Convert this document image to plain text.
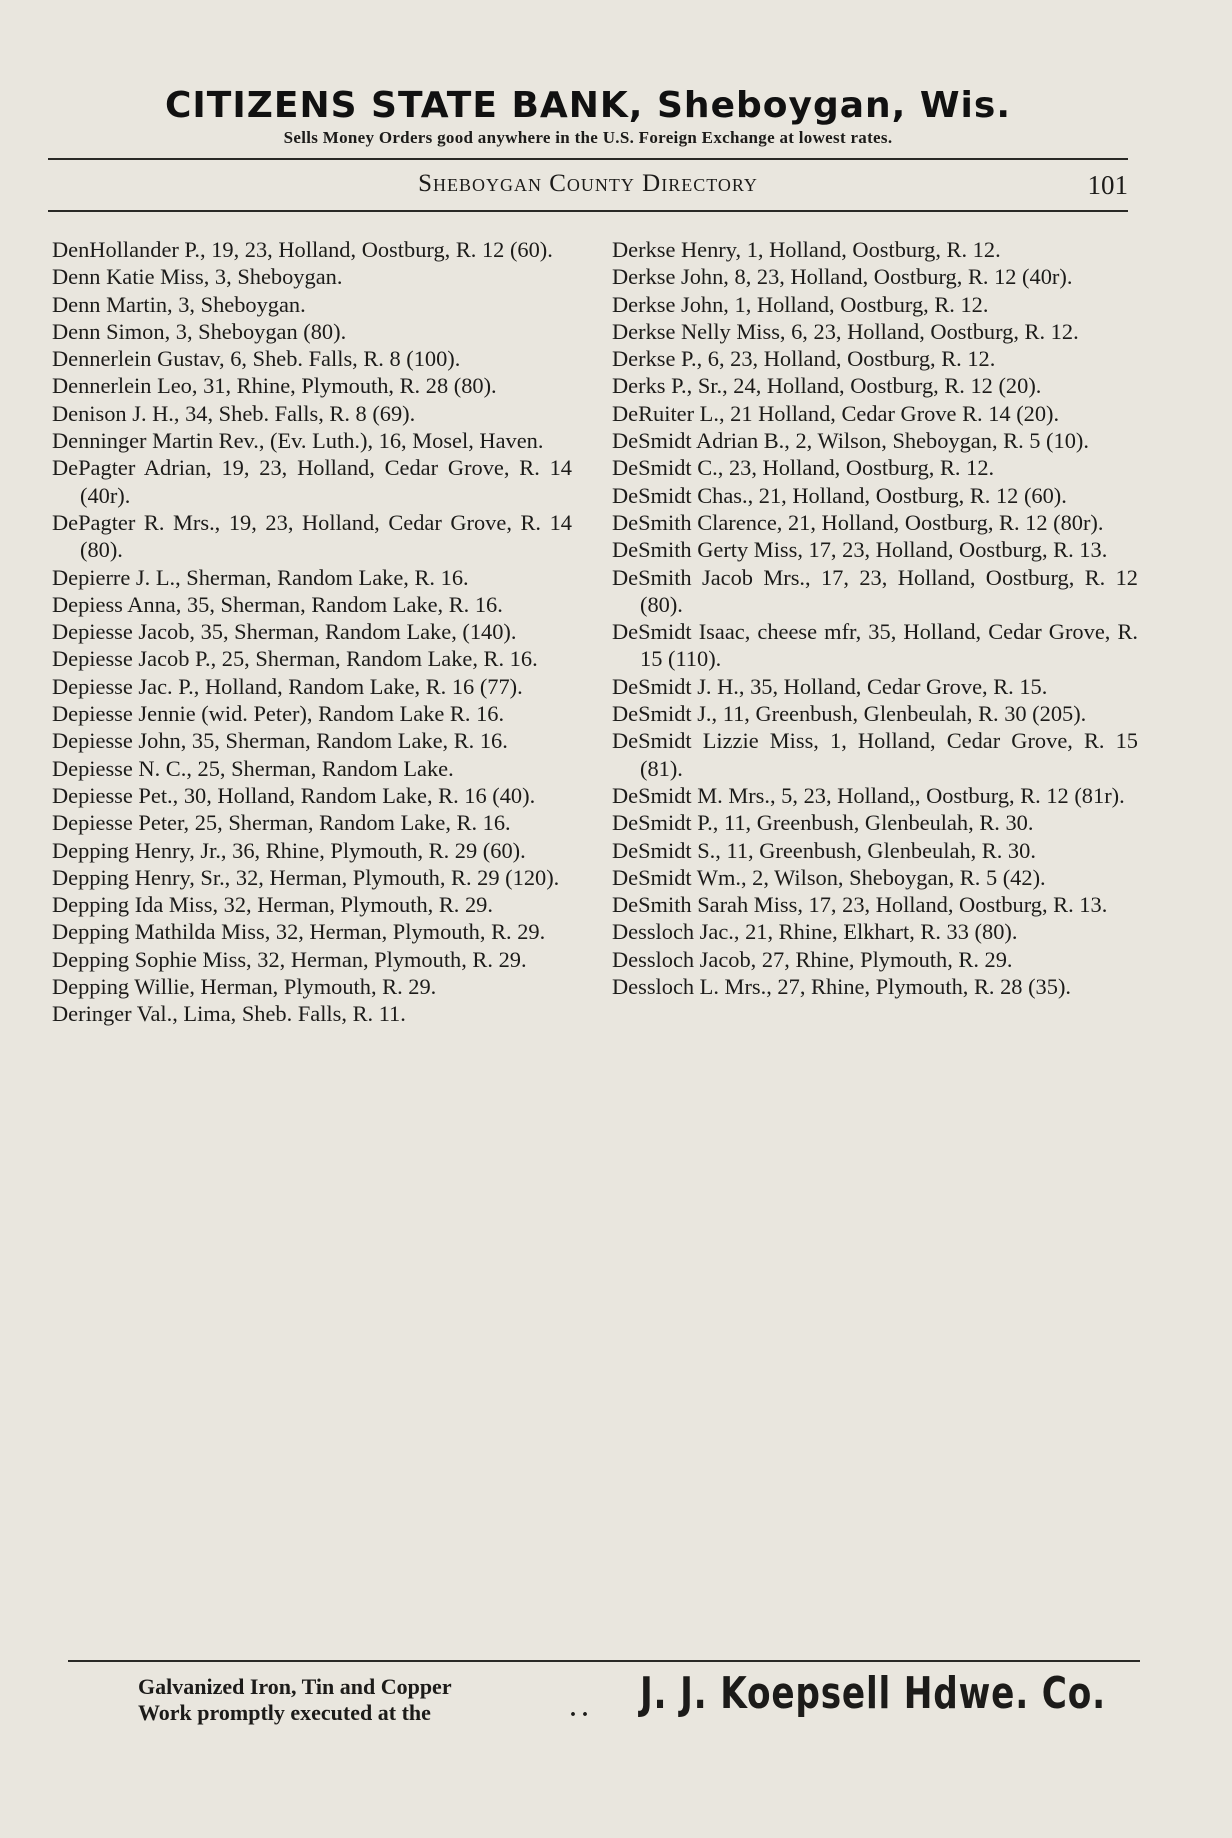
CITIZENS STATE BANK, Sheboygan, Wis.
Sells Money Orders good anywhere in the U.S. Foreign Exchange at lowest rates.
Sheboygan County Directory	101

DenHollander P., 19, 23, Holland, Oostburg, R. 12 (60).

Denn Katie Miss, 3, Sheboygan.

Denn Martin, 3, Sheboygan.

Denn Simon, 3, Sheboygan (80).

Dennerlein Gustav, 6, Sheb. Falls, R. 8 (100).

Dennerlein Leo, 31, Rhine, Plymouth, R. 28 (80).

Denison J. H., 34, Sheb. Falls, R. 8 (69).

Denninger Martin Rev., (Ev. Luth.), 16, Mosel, Haven.

DePagter Adrian, 19, 23, Holland, Cedar Grove, R. 14 (40r).

DePagter R. Mrs., 19, 23, Holland, Cedar Grove, R. 14 (80).

Depierre J. L., Sherman, Random Lake, R. 16.

Depiess Anna, 35, Sherman, Random Lake, R. 16.

Depiesse Jacob, 35, Sherman, Random Lake, (140).

Depiesse Jacob P., 25, Sherman, Random Lake, R. 16.

Depiesse Jac. P., Holland, Random Lake, R. 16 (77).

Depiesse Jennie (wid. Peter), Random Lake R. 16.

Depiesse John, 35, Sherman, Random Lake, R. 16.

Depiesse N. C., 25, Sherman, Random Lake.

Depiesse Pet., 30, Holland, Random Lake, R. 16 (40).

Depiesse Peter, 25, Sherman, Random Lake, R. 16.

Depping Henry, Jr., 36, Rhine, Plymouth, R. 29 (60).

Depping Henry, Sr., 32, Herman, Plymouth, R. 29 (120).

Depping Ida Miss, 32, Herman, Plymouth, R. 29.

Depping Mathilda Miss, 32, Herman, Plymouth, R. 29.

Depping Sophie Miss, 32, Herman, Plymouth, R. 29.

Depping Willie, Herman, Plymouth, R. 29.

Deringer Val., Lima, Sheb. Falls, R. 11.

Derkse Henry, 1, Holland, Oostburg, R. 12.

Derkse John, 8, 23, Holland, Oostburg, R. 12 (40r).

Derkse John, 1, Holland, Oostburg, R. 12.

Derkse Nelly Miss, 6, 23, Holland, Oostburg, R. 12.

Derkse P., 6, 23, Holland, Oostburg, R. 12.

Derks P., Sr., 24, Holland, Oostburg, R. 12 (20).

DeRuiter L., 21 Holland, Cedar Grove R. 14 (20).

DeSmidt Adrian B., 2, Wilson, Sheboygan, R. 5 (10).

DeSmidt C., 23, Holland, Oostburg, R. 12.

DeSmidt Chas., 21, Holland, Oostburg, R. 12 (60).

DeSmith Clarence, 21, Holland, Oostburg, R. 12 (80r).

DeSmith Gerty Miss, 17, 23, Holland, Oostburg, R. 13.

DeSmith Jacob Mrs., 17, 23, Holland, Oostburg, R. 12 (80).

DeSmidt Isaac, cheese mfr, 35, Holland, Cedar Grove, R. 15 (110).

DeSmidt J. H., 35, Holland, Cedar Grove, R. 15.

DeSmidt J., 11, Greenbush, Glenbeulah, R. 30 (205).

DeSmidt Lizzie Miss, 1, Holland, Cedar Grove, R. 15 (81).

DeSmidt M. Mrs., 5, 23, Holland,, Oostburg, R. 12 (81r).

DeSmidt P., 11, Greenbush, Glenbeulah, R. 30.

DeSmidt S., 11, Greenbush, Glenbeulah, R. 30.

DeSmidt Wm., 2, Wilson, Sheboygan, R. 5 (42).

DeSmith Sarah Miss, 17, 23, Holland, Oostburg, R. 13.

Dessloch Jac., 21, Rhine, Elkhart, R. 33 (80).

Dessloch Jacob, 27, Rhine, Plymouth, R. 29.

Dessloch L. Mrs., 27, Rhine, Plymouth, R. 28 (35).

Galvanized Iron, Tin and Copper
Work promptly executed at the	. . J. J. Koepsell Hdwe. Co.
